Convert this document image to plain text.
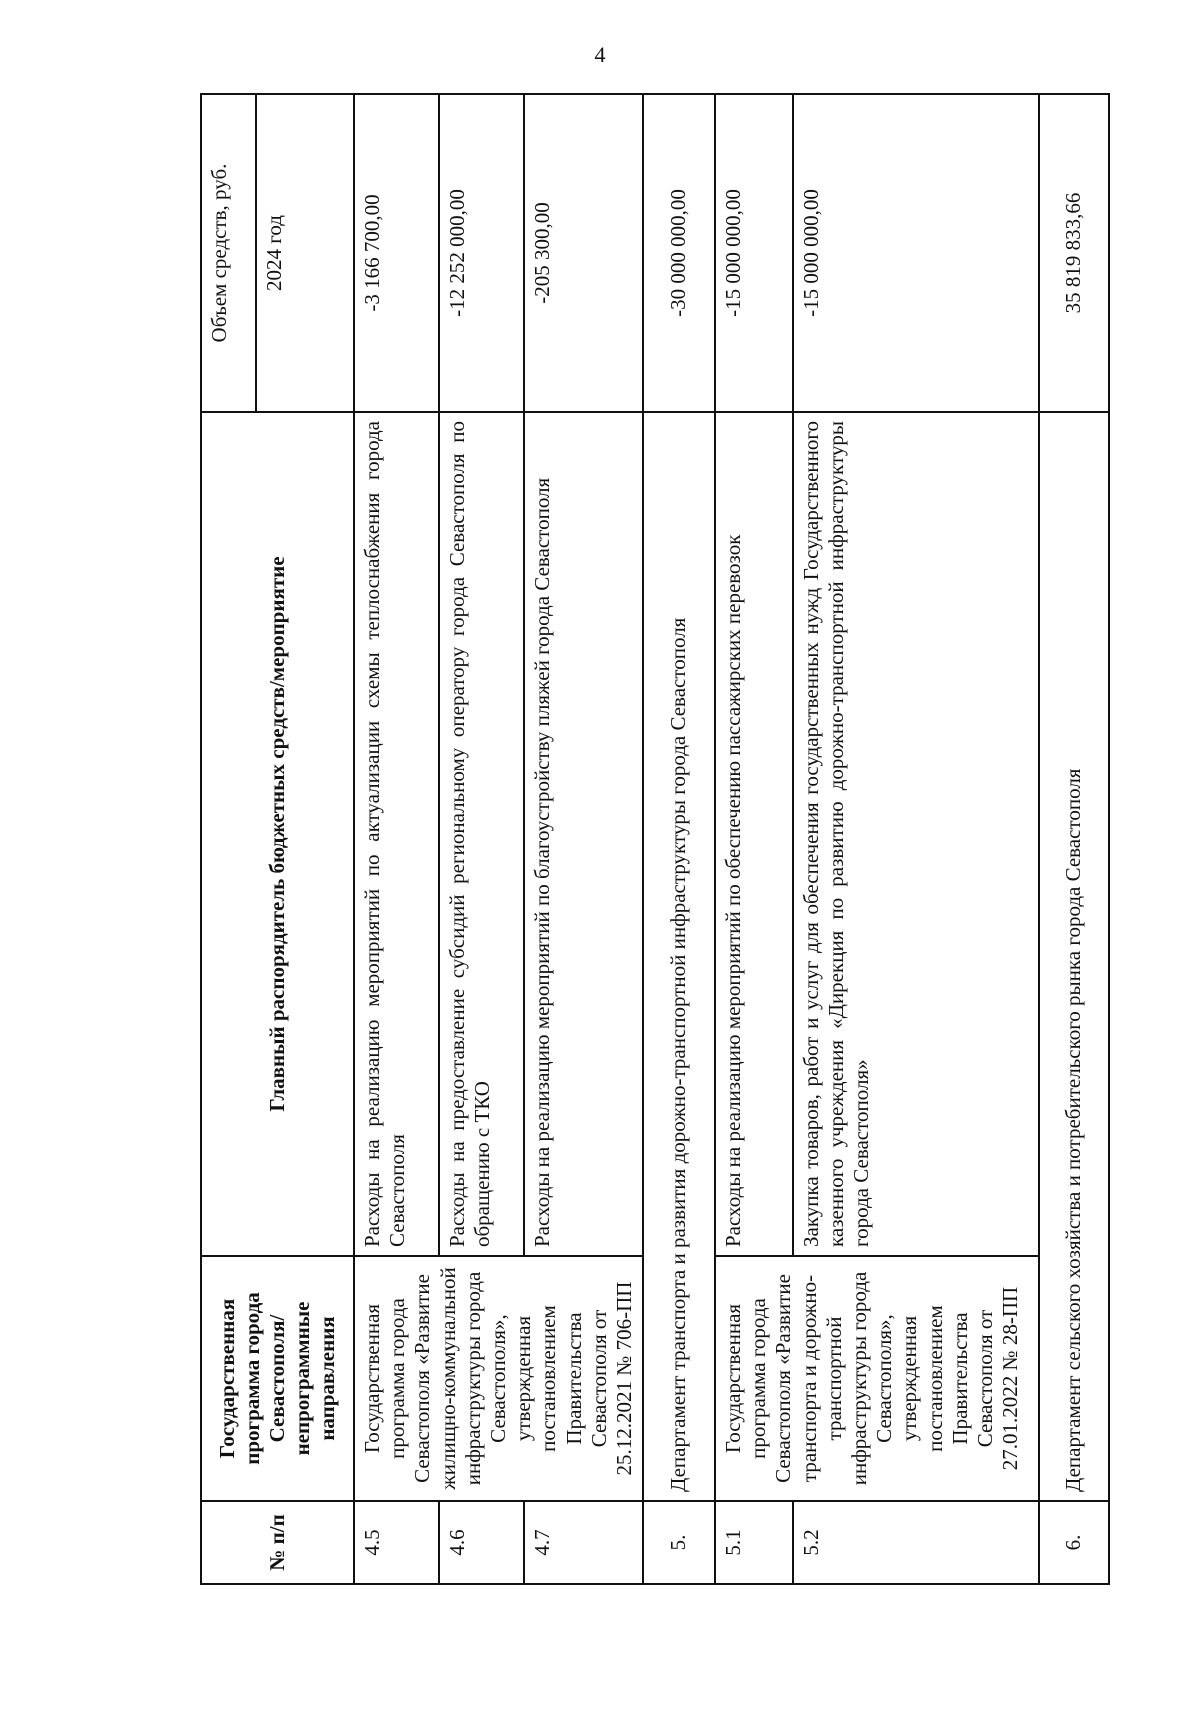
4
№ п/п	Государственная программа города Севастополя/ непрограммные направления	Главный распорядитель бюджетных средств/мероприятие	Объем средств, руб.
			2024 год
4.5	Государственная программа города Севастополя «Развитие жилищно-коммунальной инфраструктуры города Севастополя», утвержденная постановлением Правительства Севастополя от 25.12.2021 № 706-ПП	Расходы на реализацию мероприятий по актуализации схемы теплоснабжения города Севастополя	-3 166 700,00
4.6		Расходы на предоставление субсидий региональному оператору города Севастополя по обращению с ТКО	-12 252 000,00
4.7		Расходы на реализацию мероприятий по благоустройству пляжей города Севастополя	-205 300,00
5.	Департамент транспорта и развития дорожно-транспортной инфраструктуры города Севастополя		-30 000 000,00
5.1	Государственная программа города Севастополя «Развитие транспорта и дорожно-транспортной инфраструктуры города Севастополя», утвержденная постановлением Правительства Севастополя от 27.01.2022 № 28-ПП	Расходы на реализацию мероприятий по обеспечению пассажирских перевозок	-15 000 000,00
5.2		Закупка товаров, работ и услуг для обеспечения государственных нужд Государственного казенного учреждения «Дирекция по развитию дорожно-транспортной инфраструктуры города Севастополя»	-15 000 000,00
6.	Департамент сельского хозяйства и потребительского рынка города Севастополя		35 819 833,66
